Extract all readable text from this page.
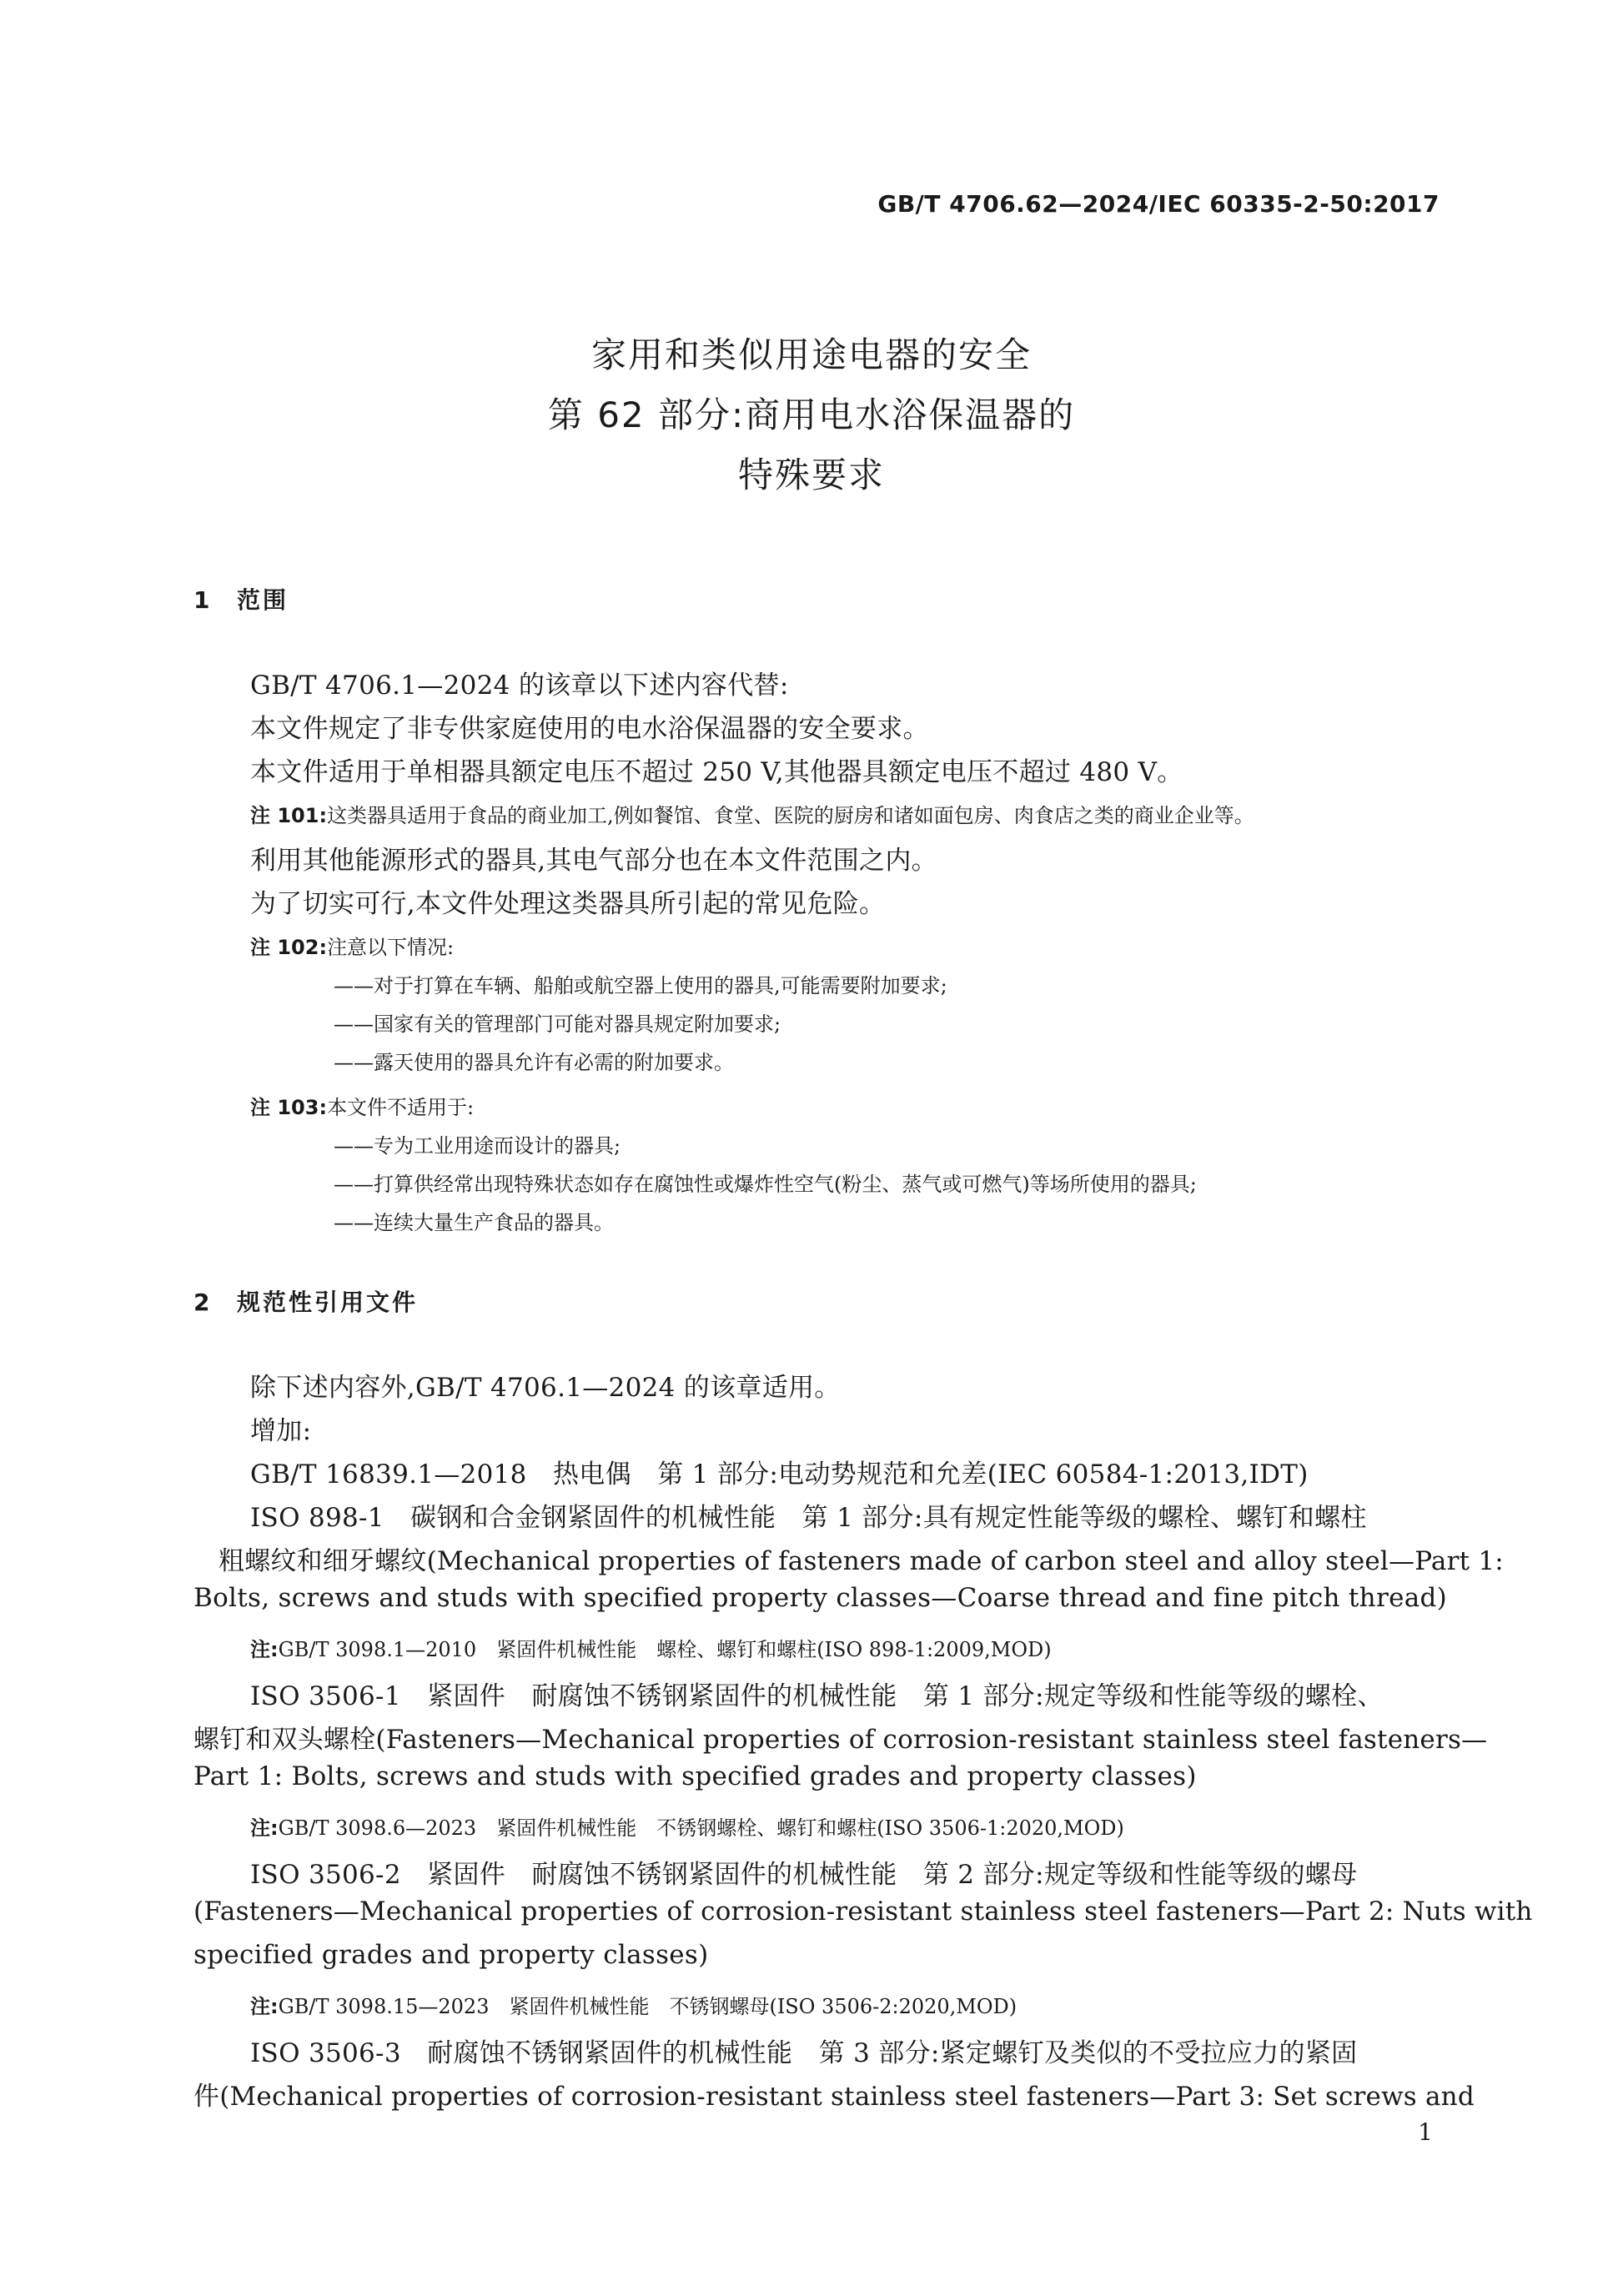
GB/T 4706.62—2024/IEC 60335-2-50:2017
家用和类似用途电器的安全
第 62 部分:商用电水浴保温器的
特殊要求
1 范围
GB/T 4706.1—2024 的该章以下述内容代替:
本文件规定了非专供家庭使用的电水浴保温器的安全要求。
本文件适用于单相器具额定电压不超过 250 V,其他器具额定电压不超过 480 V。
注 101:这类器具适用于食品的商业加工,例如餐馆、食堂、医院的厨房和诸如面包房、肉食店之类的商业企业等。
利用其他能源形式的器具,其电气部分也在本文件范围之内。
为了切实可行,本文件处理这类器具所引起的常见危险。
注 102:注意以下情况:
——对于打算在车辆、船舶或航空器上使用的器具,可能需要附加要求;
——国家有关的管理部门可能对器具规定附加要求;
——露天使用的器具允许有必需的附加要求。
注 103:本文件不适用于:
——专为工业用途而设计的器具;
——打算供经常出现特殊状态如存在腐蚀性或爆炸性空气(粉尘、蒸气或可燃气)等场所使用的器具;
——连续大量生产食品的器具。
2 规范性引用文件
除下述内容外,GB/T 4706.1—2024 的该章适用。
增加:
GB/T 16839.1—2018　热电偶　第 1 部分:电动势规范和允差(IEC 60584-1:2013,IDT)
ISO 898-1　碳钢和合金钢紧固件的机械性能　第 1 部分:具有规定性能等级的螺栓、螺钉和螺柱
粗螺纹和细牙螺纹(Mechanical properties of fasteners made of carbon steel and alloy steel—Part 1:
Bolts, screws and studs with specified property classes—Coarse thread and fine pitch thread)
注:GB/T 3098.1—2010　紧固件机械性能　螺栓、螺钉和螺柱(ISO 898-1:2009,MOD)
ISO 3506-1　紧固件　耐腐蚀不锈钢紧固件的机械性能　第 1 部分:规定等级和性能等级的螺栓、
螺钉和双头螺栓(Fasteners—Mechanical properties of corrosion-resistant stainless steel fasteners—
Part 1: Bolts, screws and studs with specified grades and property classes)
注:GB/T 3098.6—2023　紧固件机械性能　不锈钢螺栓、螺钉和螺柱(ISO 3506-1:2020,MOD)
ISO 3506-2　紧固件　耐腐蚀不锈钢紧固件的机械性能　第 2 部分:规定等级和性能等级的螺母
(Fasteners—Mechanical properties of corrosion-resistant stainless steel fasteners—Part 2: Nuts with
specified grades and property classes)
注:GB/T 3098.15—2023　紧固件机械性能　不锈钢螺母(ISO 3506-2:2020,MOD)
ISO 3506-3　耐腐蚀不锈钢紧固件的机械性能　第 3 部分:紧定螺钉及类似的不受拉应力的紧固
件(Mechanical properties of corrosion-resistant stainless steel fasteners—Part 3: Set screws and
1
